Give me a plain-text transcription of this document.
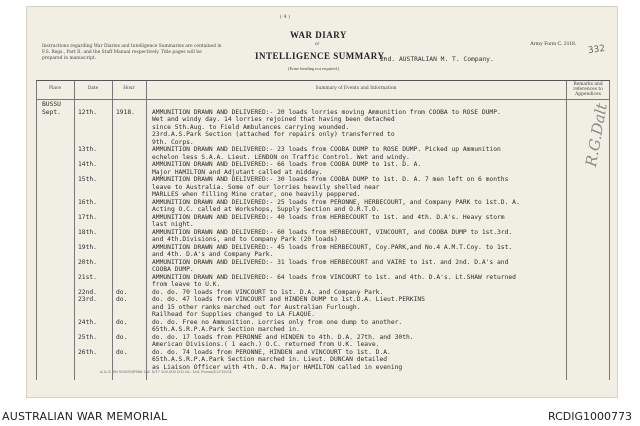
( 4 )
Instructions regarding War Diaries and Intelligence Summaries are contained in F.S. Regs., Part II. and the Staff Manual respectively. Title pages will be prepared in manuscript.
WAR DIARY
or
INTELLIGENCE SUMMARY.
(Erase heading not required.)
Army Form C. 2118.
2nd. AUSTRALIAN M. T. Company.
332
Place	Date	Hour	Summary of Events and Information
Remarks and references to Appendices
BUSSU
Sept.	12th.	1918.	AMMUNITION DRAWN AND DELIVERED:- 20 loads lorries moving Ammunition from COOBA to ROSE DUMP.
Wet and windy day. 14 lorries rejoined that having been detached
since 5th.Aug. to Field Ambulances carrying wounded.
23rd.A.S.Park Section (attached for repairs only) transferred to
9th. Corps.
13th.	AMMUNITION DRAWN AND DELIVERED:- 23 loads from COOBA DUMP to ROSE DUMP. Picked up Ammunition
echelon less S.A.A. Lieut. LENDON on Traffic Control. Wet and windy.
14th.	AMMUNITION DRAWN AND DELIVERED:- 66 loads from COOBA DUMP to 1st. D. A.
Major HAMILTON and Adjutant called at midday.
15th.	AMMUNITION DRAWN AND DELIVERED:- 30 loads from COOBA DUMP to 1st. D. A. 7 men left on 6 months
leave to Australia. Some of our lorries heavily shelled near
MARLLES when filling Mine crater, one heavily peppered.
16th.	AMMUNITION DRAWN AND DELIVERED:- 25 loads from PERONNE, HERBECOURT, and Company PARK to 1st.D. A.
Acting O.C. called at Workshops, Supply Section and O.R.T.O.
17th.	AMMUNITION DRAWN AND DELIVERED:- 40 loads from HERBECOURT to 1st. and 4th. D.A's. Heavy storm
last night.
18th.	AMMUNITION DRAWN AND DELIVERED:- 60 loads from HERBECOURT, VINCOURT, and COOBA DUMP to 1st.3rd.
and 4th.Divisions, and to Company Park (20 loads)
19th.	AMMUNITION DRAWN AND DELIVERED:- 45 loads from HERBECOURT, Coy.PARK,and No.4 A.M.T.Coy. to 1st.
and 4th. D.A's and Company Park.
20th.	AMMUNITION DRAWN AND DELIVERED:- 31 loads from HERBECOURT and VAIRE to 1st. and 2nd. D.A's and
COOBA DUMP.
21st.	AMMUNITION DRAWN AND DELIVERED:- 64 loads from VINCOURT to 1st. and 4th. D.A's. Lt.SHAW returned
from leave to U.K.
22nd.	do.	do. do. 70 loads from VINCOURT to 1st. D.A. and Company Park.
23rd.	do.	do. do. 47 loads from VINCOURT and HINDEN DUMP to 1st.D.A. Lieut.PERKINS
and 15 other ranks marched out for Australian Furlough.
Railhead for Supplies changed to LA FLAQUE.
24th.	do.	do. do. Free no Ammunition. Lorries only from one dump to another.
65th.A.S.R.P.A.Park Section marched in.
25th.	do.	do. do. 17 loads from PERONNE and HINDEN to 4th. D.A. 27th. and 30th.
American Divisions.( 1 each.) O.C. returned from U.K. leave.
26th.	do.	do. do. 74 loads from PERONNE, HINDEN and VINCOURT to 1st. D.A.
65th.A.S.R.P.A.Park Section marched in. Lieut. DUNCAN detailed
as Liaison Officer with 4th. D.A. Major HAMILTON called in evening
R.G.Dalt
A.&.S. Wt.W3095/P886 Ltd. 8/17 200,000 D.D.&L. Ltd. Forms/C2118/14
AUSTRALIAN WAR MEMORIAL	RCDIG1000773
